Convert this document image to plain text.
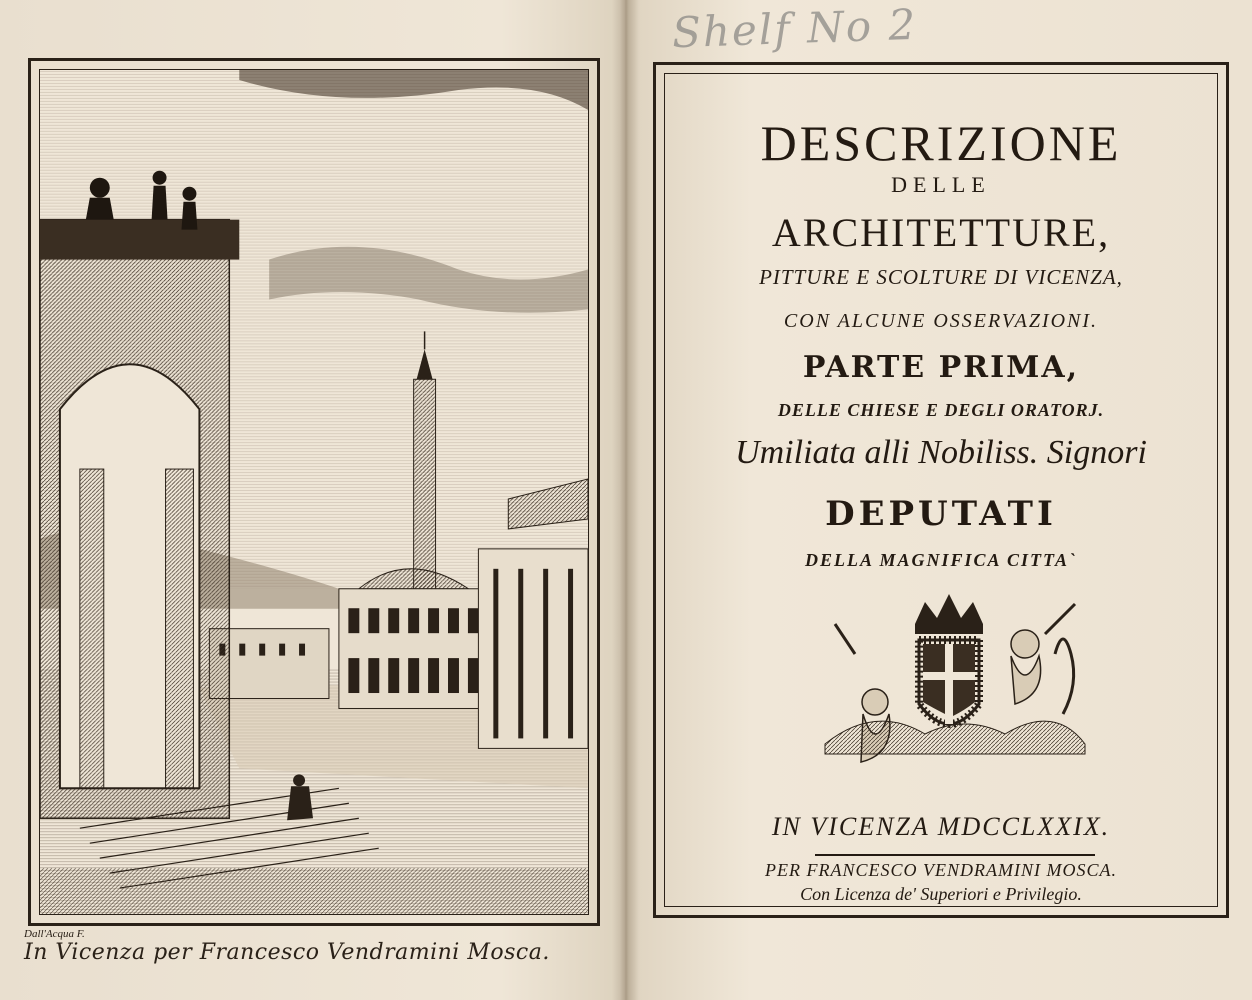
Dall'Acqua F.
In Vicenza per Francesco Vendramini Mosca.
Shelf No 2
DESCRIZIONE
DELLE
ARCHITETTURE,
PITTURE E SCOLTURE DI VICENZA,
CON ALCUNE OSSERVAZIONI.
PARTE PRIMA,
DELLE CHIESE E DEGLI ORATORJ.
Umiliata alli Nobiliss. Signori
DEPUTATI
DELLA MAGNIFICA CITTA`
IN VICENZA MDCCLXXIX.
PER FRANCESCO VENDRAMINI MOSCA.
Con Licenza de' Superiori e Privilegio.
